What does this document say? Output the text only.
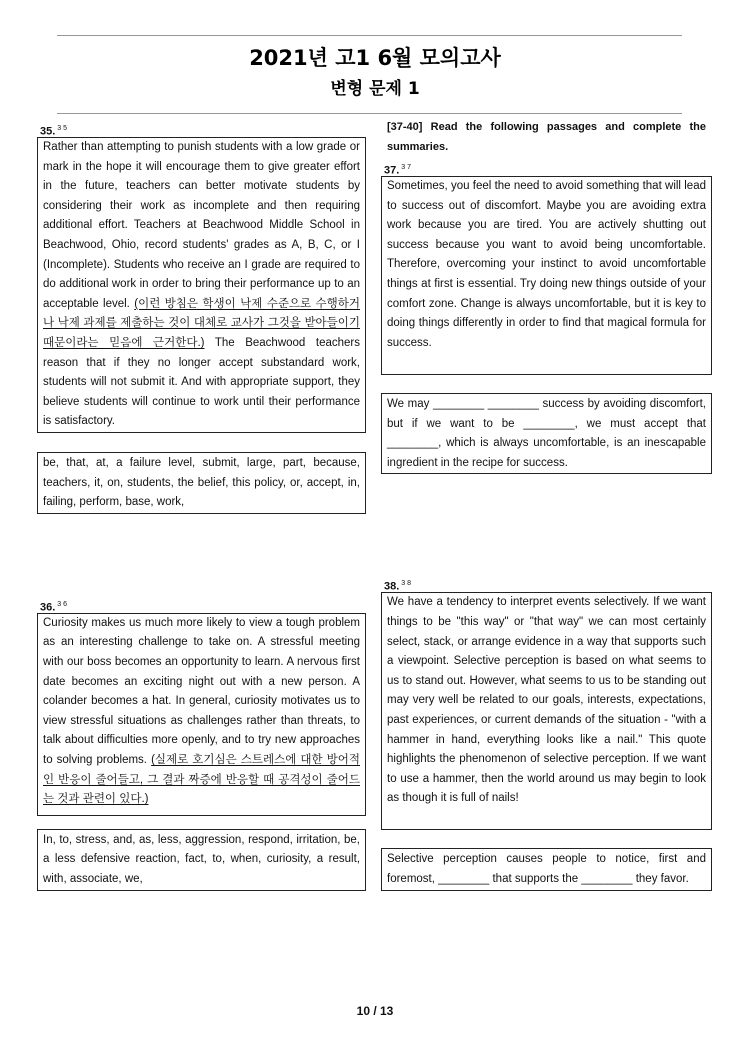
2021년 고1 6월 모의고사
변형 문제 1
35. $^{3 5}$
Rather than attempting to punish students with a low grade or mark in the hope it will encourage them to give greater effort in the future, teachers can better motivate students by considering their work as incomplete and then requiring additional effort. Teachers at Beachwood Middle School in Beachwood, Ohio, record students' grades as A, B, C, or I (Incomplete). Students who receive an I grade are required to do additional work in order to bring their performance up to an acceptable level. (이런 방침은 학생이 낙제 수준으로 수행하거나 낙제 과제를 제출하는 것이 대체로 교사가 그것을 받아들이기 때문이라는 믿음에 근거한다.) The Beachwood teachers reason that if they no longer accept substandard work, students will not submit it. And with appropriate support, they believe students will continue to work until their performance is satisfactory.
be, that, at, a failure level, submit, large, part, because, teachers, it, on, students, the belief, this policy, or, accept, in, failing, perform, base, work,
36. $^{3 6}$
Curiosity makes us much more likely to view a tough problem as an interesting challenge to take on. A stressful meeting with our boss becomes an opportunity to learn. A nervous first date becomes an exciting night out with a new person. A colander becomes a hat. In general, curiosity motivates us to view stressful situations as challenges rather than threats, to talk about difficulties more openly, and to try new approaches to solving problems. (실제로 호기심은 스트레스에 대한 방어적인 반응이 줄어들고, 그 결과 짜증에 반응할 때 공격성이 줄어드는 것과 관련이 있다.)
In, to, stress, and, as, less, aggression, respond, irritation, be, a less defensive reaction, fact, to, when, curiosity, a result, with, associate, we,
[37-40] Read the following passages and complete the summaries.
37. $^{3 7}$
Sometimes, you feel the need to avoid something that will lead to success out of discomfort. Maybe you are avoiding extra work because you are tired. You are actively shutting out success because you want to avoid being uncomfortable. Therefore, overcoming your instinct to avoid uncomfortable things at first is essential. Try doing new things outside of your comfort zone. Change is always uncomfortable, but it is key to doing things differently in order to find that magical formula for success.
We may ________ ________ success by avoiding discomfort, but if we want to be ________, we must accept that ________, which is always uncomfortable, is an inescapable ingredient in the recipe for success.
38. $^{3 8}$
We have a tendency to interpret events selectively. If we want things to be "this way" or "that way" we can most certainly select, stack, or arrange evidence in a way that supports such a viewpoint. Selective perception is based on what seems to us to stand out. However, what seems to us to be standing out may very well be related to our goals, interests, expectations, past experiences, or current demands of the situation - "with a hammer in hand, everything looks like a nail." This quote highlights the phenomenon of selective perception. If we want to use a hammer, then the world around us may begin to look as though it is full of nails!
Selective perception causes people to notice, first and foremost, ________ that supports the ________ they favor.
10 / 13
